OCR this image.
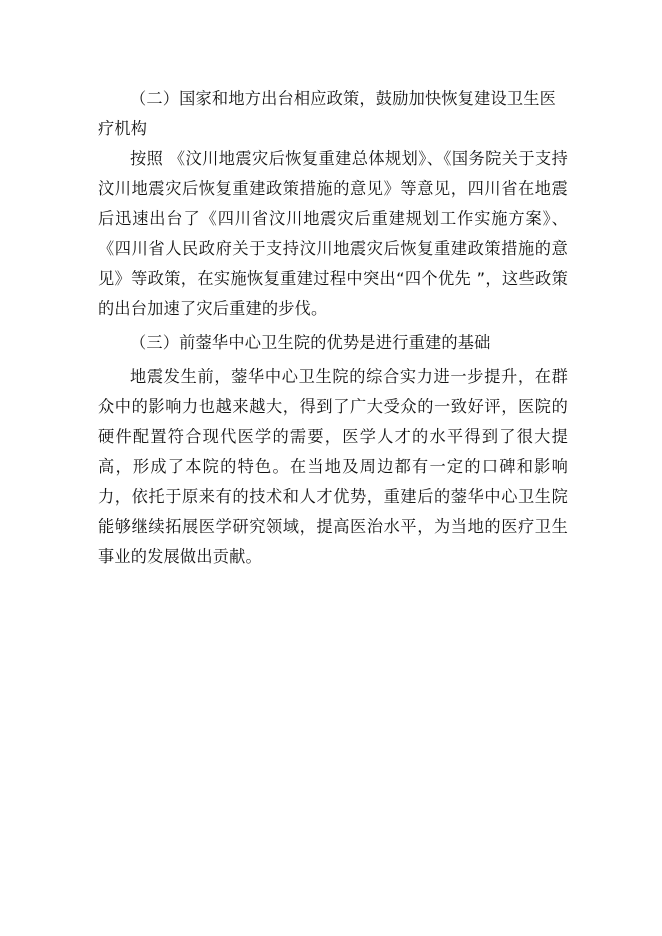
（二）国家和地方出台相应政策，鼓励加快恢复建设卫生医疗机构

按照 《汶川地震灾后恢复重建总体规划》、《国务院关于支持汶川地震灾后恢复重建政策措施的意见》等意见，四川省在地震后迅速出台了《四川省汶川地震灾后重建规划工作实施方案》、《四川省人民政府关于支持汶川地震灾后恢复重建政策措施的意见》等政策，在实施恢复重建过程中突出“四个优先 ”，这些政策的出台加速了灾后重建的步伐。

（三）前蓥华中心卫生院的优势是进行重建的基础

地震发生前，蓥华中心卫生院的综合实力进一步提升，在群众中的影响力也越来越大，得到了广大受众的一致好评，医院的硬件配置符合现代医学的需要，医学人才的水平得到了很大提高，形成了本院的特色。在当地及周边都有一定的口碑和影响力，依托于原来有的技术和人才优势，重建后的蓥华中心卫生院能够继续拓展医学研究领域，提高医治水平，为当地的医疗卫生事业的发展做出贡献。
